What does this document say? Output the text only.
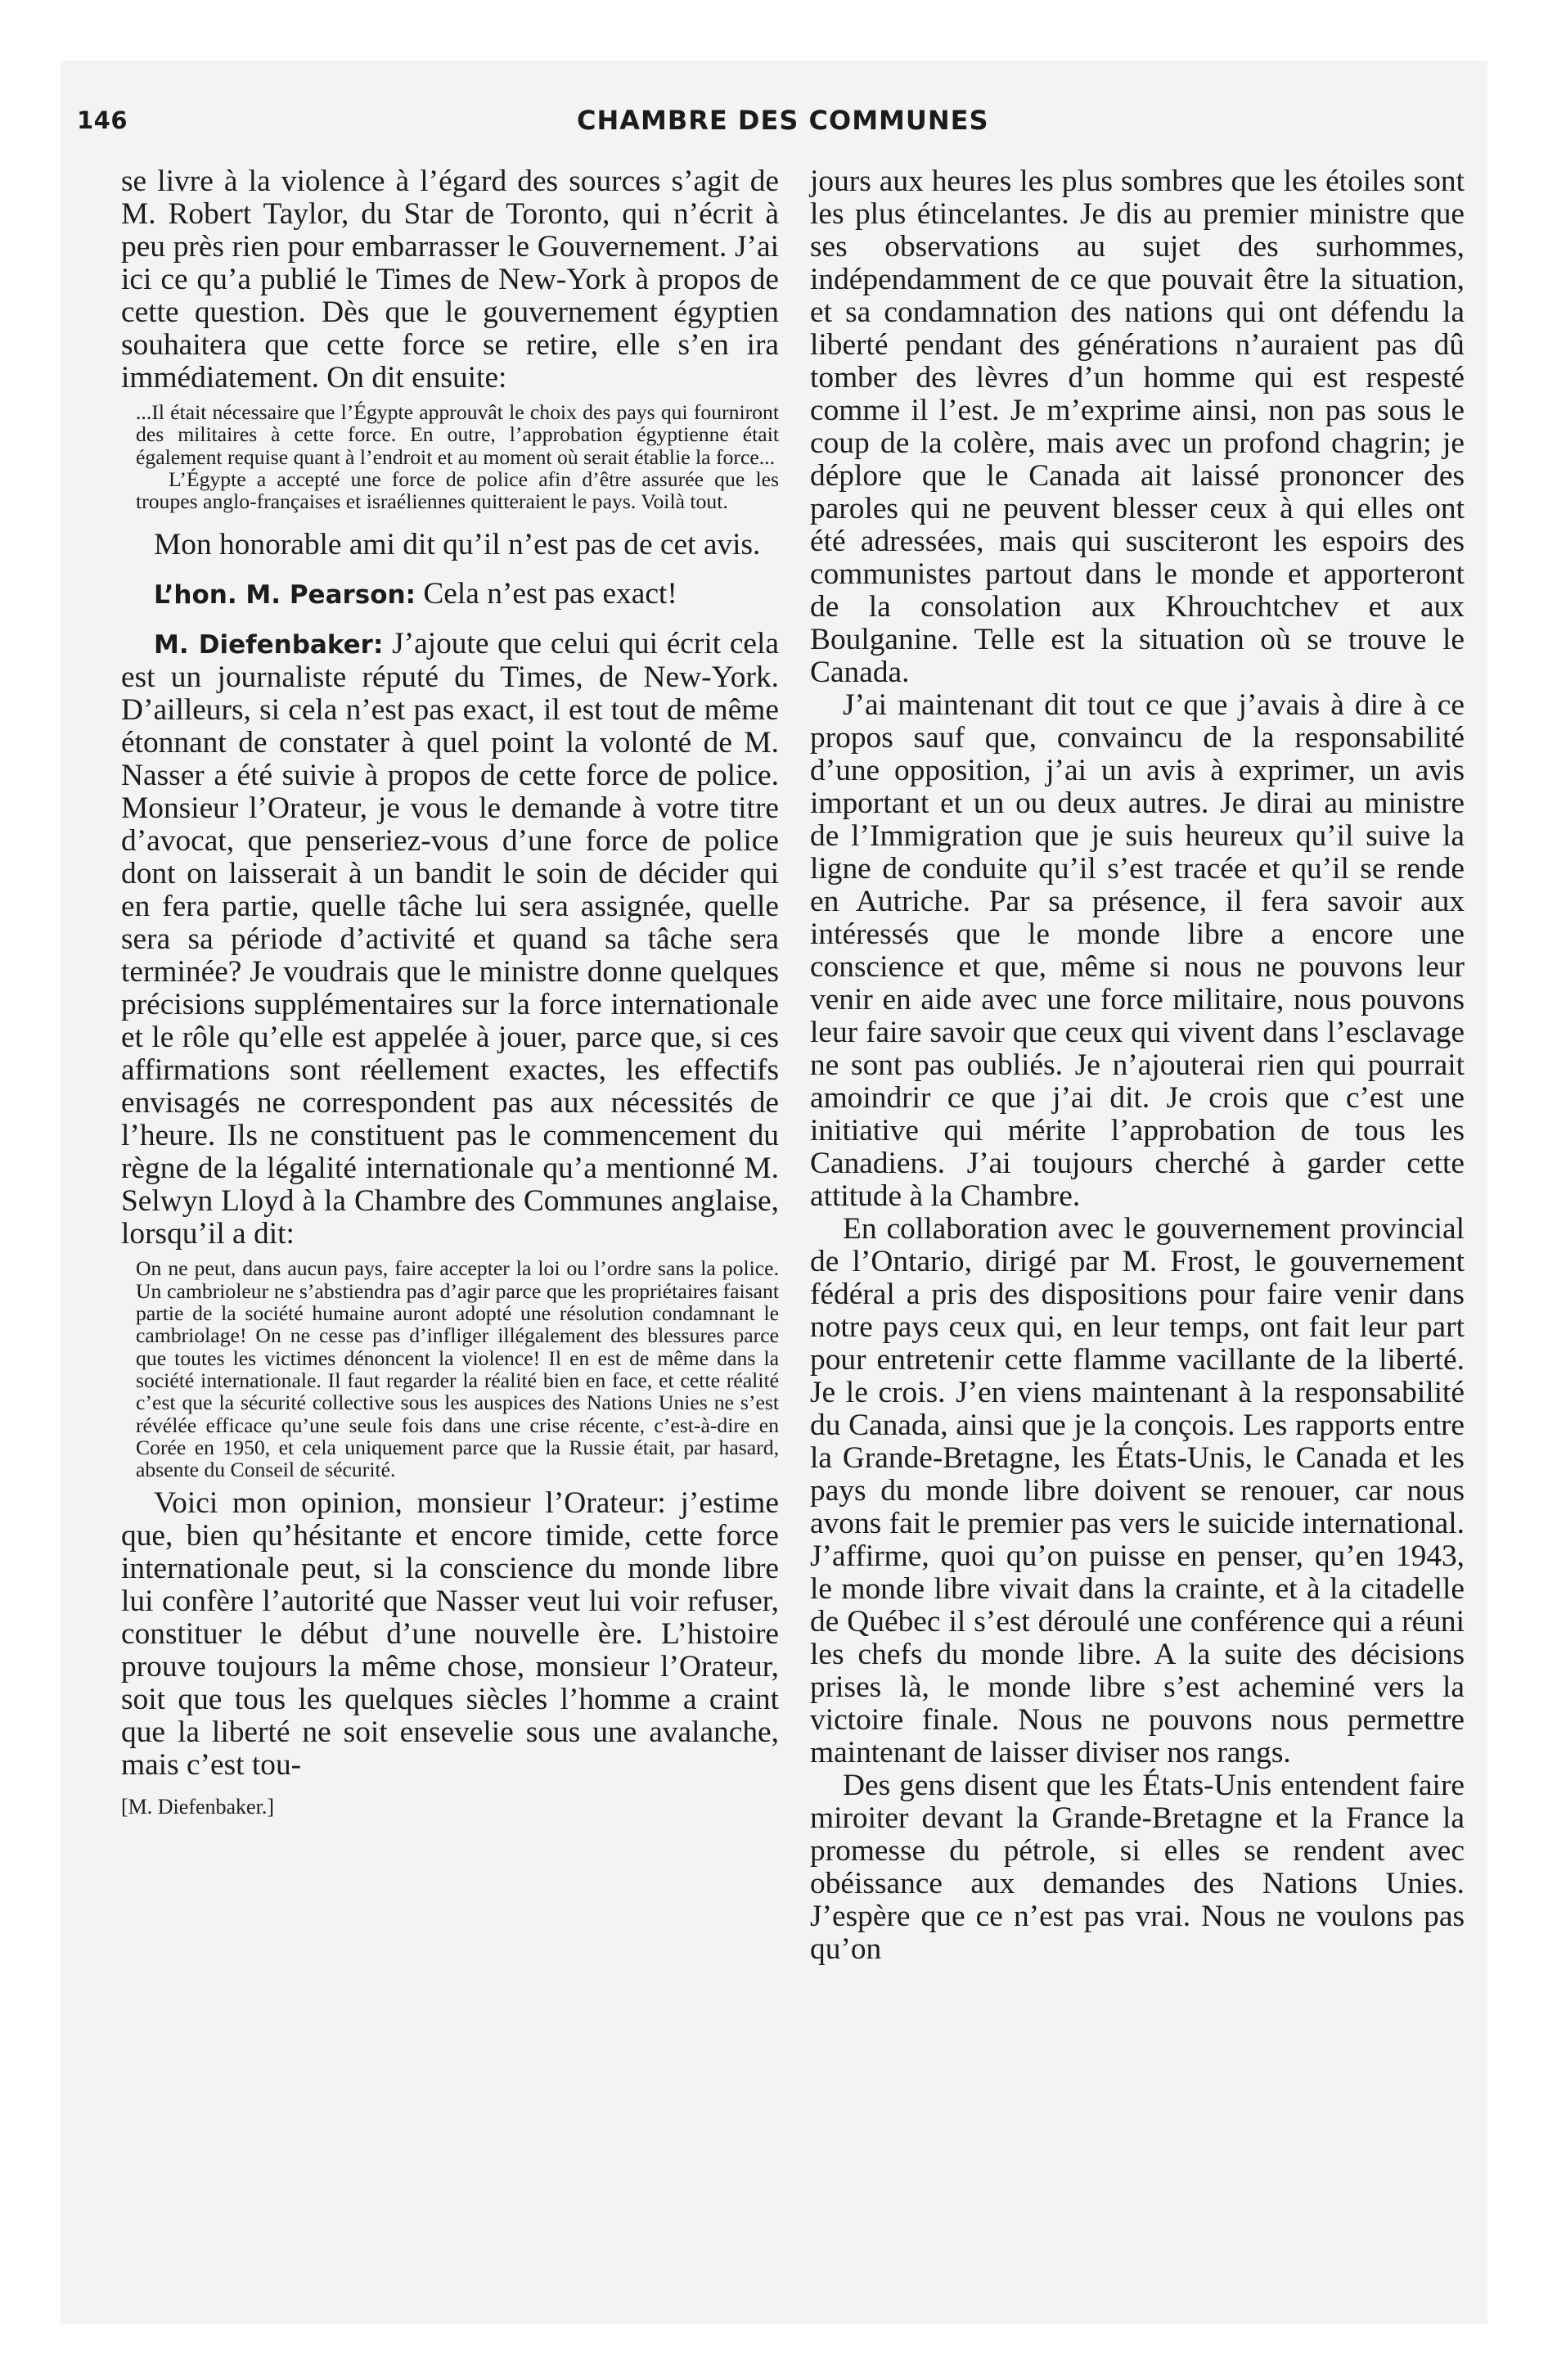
146	CHAMBRE DES COMMUNES

se livre à la violence à l’égard des sources s’agit de M. Robert Taylor, du Star de Toronto, qui n’écrit à peu près rien pour embarrasser le Gouvernement. J’ai ici ce qu’a publié le Times de New-York à propos de cette question. Dès que le gouvernement égyptien souhaitera que cette force se retire, elle s’en ira immédiatement. On dit ensuite:

...Il était nécessaire que l’Égypte approuvât le choix des pays qui fourniront des militaires à cette force. En outre, l’approbation égyptienne était également requise quant à l’endroit et au moment où serait établie la force...

L’Égypte a accepté une force de police afin d’être assurée que les troupes anglo-françaises et israéliennes quitteraient le pays. Voilà tout.

Mon honorable ami dit qu’il n’est pas de cet avis.

L’hon. M. Pearson: Cela n’est pas exact!

M. Diefenbaker: J’ajoute que celui qui écrit cela est un journaliste réputé du Times, de New-York. D’ailleurs, si cela n’est pas exact, il est tout de même étonnant de constater à quel point la volonté de M. Nasser a été suivie à propos de cette force de police. Monsieur l’Orateur, je vous le demande à votre titre d’avocat, que penseriez-vous d’une force de police dont on laisserait à un bandit le soin de décider qui en fera partie, quelle tâche lui sera assignée, quelle sera sa période d’activité et quand sa tâche sera terminée? Je voudrais que le ministre donne quelques précisions supplémentaires sur la force internationale et le rôle qu’elle est appelée à jouer, parce que, si ces affirmations sont réellement exactes, les effectifs envisagés ne correspondent pas aux nécessités de l’heure. Ils ne constituent pas le commencement du règne de la légalité internationale qu’a mentionné M. Selwyn Lloyd à la Chambre des Communes anglaise, lorsqu’il a dit:

On ne peut, dans aucun pays, faire accepter la loi ou l’ordre sans la police. Un cambrioleur ne s’abstiendra pas d’agir parce que les propriétaires faisant partie de la société humaine auront adopté une résolution condamnant le cambriolage! On ne cesse pas d’infliger illégalement des blessures parce que toutes les victimes dénoncent la violence! Il en est de même dans la société internationale. Il faut regarder la réalité bien en face, et cette réalité c’est que la sécurité collective sous les auspices des Nations Unies ne s’est révélée efficace qu’une seule fois dans une crise récente, c’est-à-dire en Corée en 1950, et cela uniquement parce que la Russie était, par hasard, absente du Conseil de sécurité.

Voici mon opinion, monsieur l’Orateur: j’estime que, bien qu’hésitante et encore timide, cette force internationale peut, si la conscience du monde libre lui confère l’autorité que Nasser veut lui voir refuser, constituer le début d’une nouvelle ère. L’histoire prouve toujours la même chose, monsieur l’Orateur, soit que tous les quelques siècles l’homme a craint que la liberté ne soit ensevelie sous une avalanche, mais c’est tou-

[M. Diefenbaker.]

jours aux heures les plus sombres que les étoiles sont les plus étincelantes. Je dis au premier ministre que ses observations au sujet des surhommes, indépendamment de ce que pouvait être la situation, et sa condamnation des nations qui ont défendu la liberté pendant des générations n’auraient pas dû tomber des lèvres d’un homme qui est respesté comme il l’est. Je m’exprime ainsi, non pas sous le coup de la colère, mais avec un profond chagrin; je déplore que le Canada ait laissé prononcer des paroles qui ne peuvent blesser ceux à qui elles ont été adressées, mais qui susciteront les espoirs des communistes partout dans le monde et apporteront de la consolation aux Khrouchtchev et aux Boulganine. Telle est la situation où se trouve le Canada.

J’ai maintenant dit tout ce que j’avais à dire à ce propos sauf que, convaincu de la responsabilité d’une opposition, j’ai un avis à exprimer, un avis important et un ou deux autres. Je dirai au ministre de l’Immigration que je suis heureux qu’il suive la ligne de conduite qu’il s’est tracée et qu’il se rende en Autriche. Par sa présence, il fera savoir aux intéressés que le monde libre a encore une conscience et que, même si nous ne pouvons leur venir en aide avec une force militaire, nous pouvons leur faire savoir que ceux qui vivent dans l’esclavage ne sont pas oubliés. Je n’ajouterai rien qui pourrait amoindrir ce que j’ai dit. Je crois que c’est une initiative qui mérite l’approbation de tous les Canadiens. J’ai toujours cherché à garder cette attitude à la Chambre.

En collaboration avec le gouvernement provincial de l’Ontario, dirigé par M. Frost, le gouvernement fédéral a pris des dispositions pour faire venir dans notre pays ceux qui, en leur temps, ont fait leur part pour entretenir cette flamme vacillante de la liberté. Je le crois. J’en viens maintenant à la responsabilité du Canada, ainsi que je la conçois. Les rapports entre la Grande-Bretagne, les États-Unis, le Canada et les pays du monde libre doivent se renouer, car nous avons fait le premier pas vers le suicide international. J’affirme, quoi qu’on puisse en penser, qu’en 1943, le monde libre vivait dans la crainte, et à la citadelle de Québec il s’est déroulé une conférence qui a réuni les chefs du monde libre. A la suite des décisions prises là, le monde libre s’est acheminé vers la victoire finale. Nous ne pouvons nous permettre maintenant de laisser diviser nos rangs.

Des gens disent que les États-Unis entendent faire miroiter devant la Grande-Bretagne et la France la promesse du pétrole, si elles se rendent avec obéissance aux demandes des Nations Unies. J’espère que ce n’est pas vrai. Nous ne voulons pas qu’on
